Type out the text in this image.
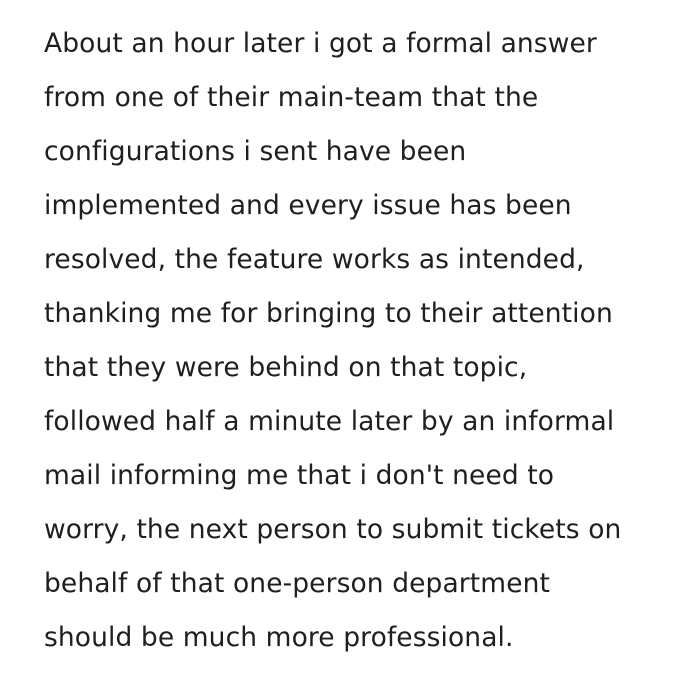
About an hour later i got a formal answer
from one of their main-team that the
configurations i sent have been
implemented and every issue has been
resolved, the feature works as intended,
thanking me for bringing to their attention
that they were behind on that topic,
followed half a minute later by an informal
mail informing me that i don't need to
worry, the next person to submit tickets on
behalf of that one-person department
should be much more professional.
